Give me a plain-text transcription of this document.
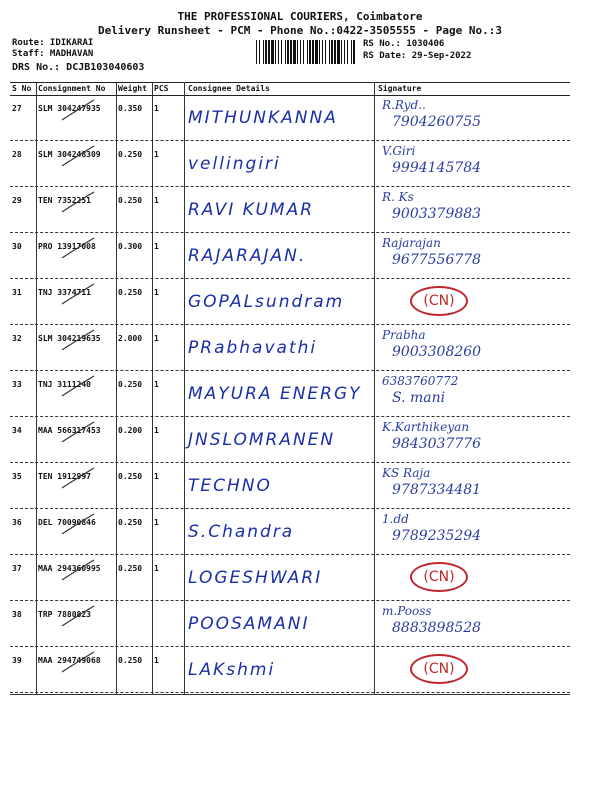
THE PROFESSIONAL COURIERS, Coimbatore
Delivery Runsheet - PCM - Phone No.:0422-3505555 - Page No.:3
Route: IDIKARAI
Staff: MADHAVAN
DRS No.: DCJB103040603
RS No.: 1030406
RS Date: 29-Sep-2022
S No Consignment No Weight PCS Consignee Details	Signature
27 SLM 304247935 0.350 1 MITHUNKANNA
R.Ryd..
7904260755
28 SLM 304248309 0.250 1 vellingiri
V.Giri
9994145784
29 TEN 7352251	0.250 1 RAVI KUMAR
R. Ks
9003379883
30 PRO 13917008	0.300 1 RAJARAJAN.
Rajarajan
9677556778
31 TNJ 3374711	0.250 1 GOPALsundram	(CN)
32 SLM 304219635 2.000 1 PRabhavathi
Prabha
9003308260
33 TNJ 3111240	0.250 1 MAYURA ENERGY
6383760772
S. mani
34 MAA 566317453 0.200 1 JNSLOMRANEN
K.Karthikeyan
9843037776
35 TEN 1912997	0.250 1 TECHNO
KS Raja
9787334481
36 DEL 70090846	0.250 1 S.Chandra
1.dd
9789235294
37 MAA 294360995 0.250 1 LOGESHWARI	(CN)
38 TRP 7880823	POOSAMANI
m.Pooss
8883898528
39 MAA 294749068 0.250 1 LAKshmi	(CN)
